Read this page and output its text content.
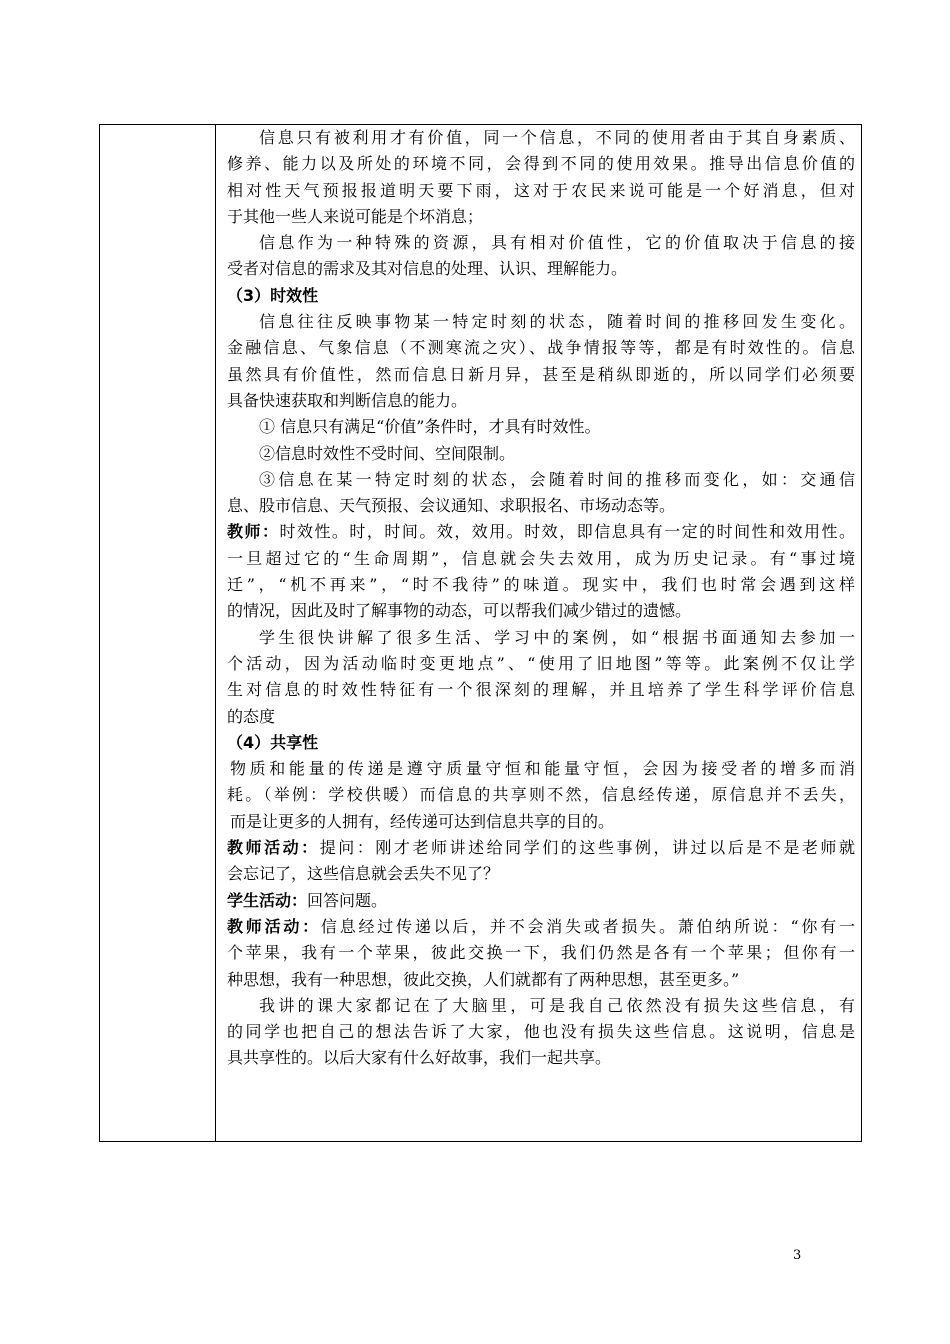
信息只有被利用才有价值，同一个信息，不同的使用者由于其自身素质、
修养、能力以及所处的环境不同，会得到不同的使用效果。推导出信息价值的
相对性天气预报报道明天要下雨，这对于农民来说可能是一个好消息，但对
于其他一些人来说可能是个坏消息；
信息作为一种特殊的资源，具有相对价值性，它的价值取决于信息的接
受者对信息的需求及其对信息的处理、认识、理解能力。
（3）时效性
信息往往反映事物某一特定时刻的状态，随着时间的推移回发生变化。
金融信息、气象信息（不测寒流之灾）、战争情报等等，都是有时效性的。信息
虽然具有价值性，然而信息日新月异，甚至是稍纵即逝的，所以同学们必须要
具备快速获取和判断信息的能力。
① 信息只有满足“价值”条件时，才具有时效性。
②信息时效性不受时间、空间限制。
③信息在某一特定时刻的状态，会随着时间的推移而变化，如：交通信
息、股市信息、天气预报、会议通知、求职报名、市场动态等。
教师：时效性。时，时间。效，效用。时效，即信息具有一定的时间性和效用性。
一旦超过它的“生命周期”，信息就会失去效用，成为历史记录。有“事过境
迁”，“机不再来”，“时不我待”的味道。现实中，我们也时常会遇到这样
的情况，因此及时了解事物的动态，可以帮我们减少错过的遗憾。
学生很快讲解了很多生活、学习中的案例，如“根据书面通知去参加一
个活动，因为活动临时变更地点”、“使用了旧地图”等等。此案例不仅让学
生对信息的时效性特征有一个很深刻的理解，并且培养了学生科学评价信息
的态度
（4）共享性
物质和能量的传递是遵守质量守恒和能量守恒，会因为接受者的增多而消
耗。（举例：学校供暖）而信息的共享则不然，信息经传递，原信息并不丢失，
而是让更多的人拥有，经传递可达到信息共享的目的。
教师活动：提问：刚才老师讲述给同学们的这些事例，讲过以后是不是老师就
会忘记了，这些信息就会丢失不见了？
学生活动：回答问题。
教师活动：信息经过传递以后，并不会消失或者损失。萧伯纳所说：“你有一
个苹果，我有一个苹果，彼此交换一下，我们仍然是各有一个苹果；但你有一
种思想，我有一种思想，彼此交换，人们就都有了两种思想，甚至更多。”
我讲的课大家都记在了大脑里，可是我自己依然没有损失这些信息，有
的同学也把自己的想法告诉了大家，他也没有损失这些信息。这说明，信息是
具共享性的。以后大家有什么好故事，我们一起共享。
3
